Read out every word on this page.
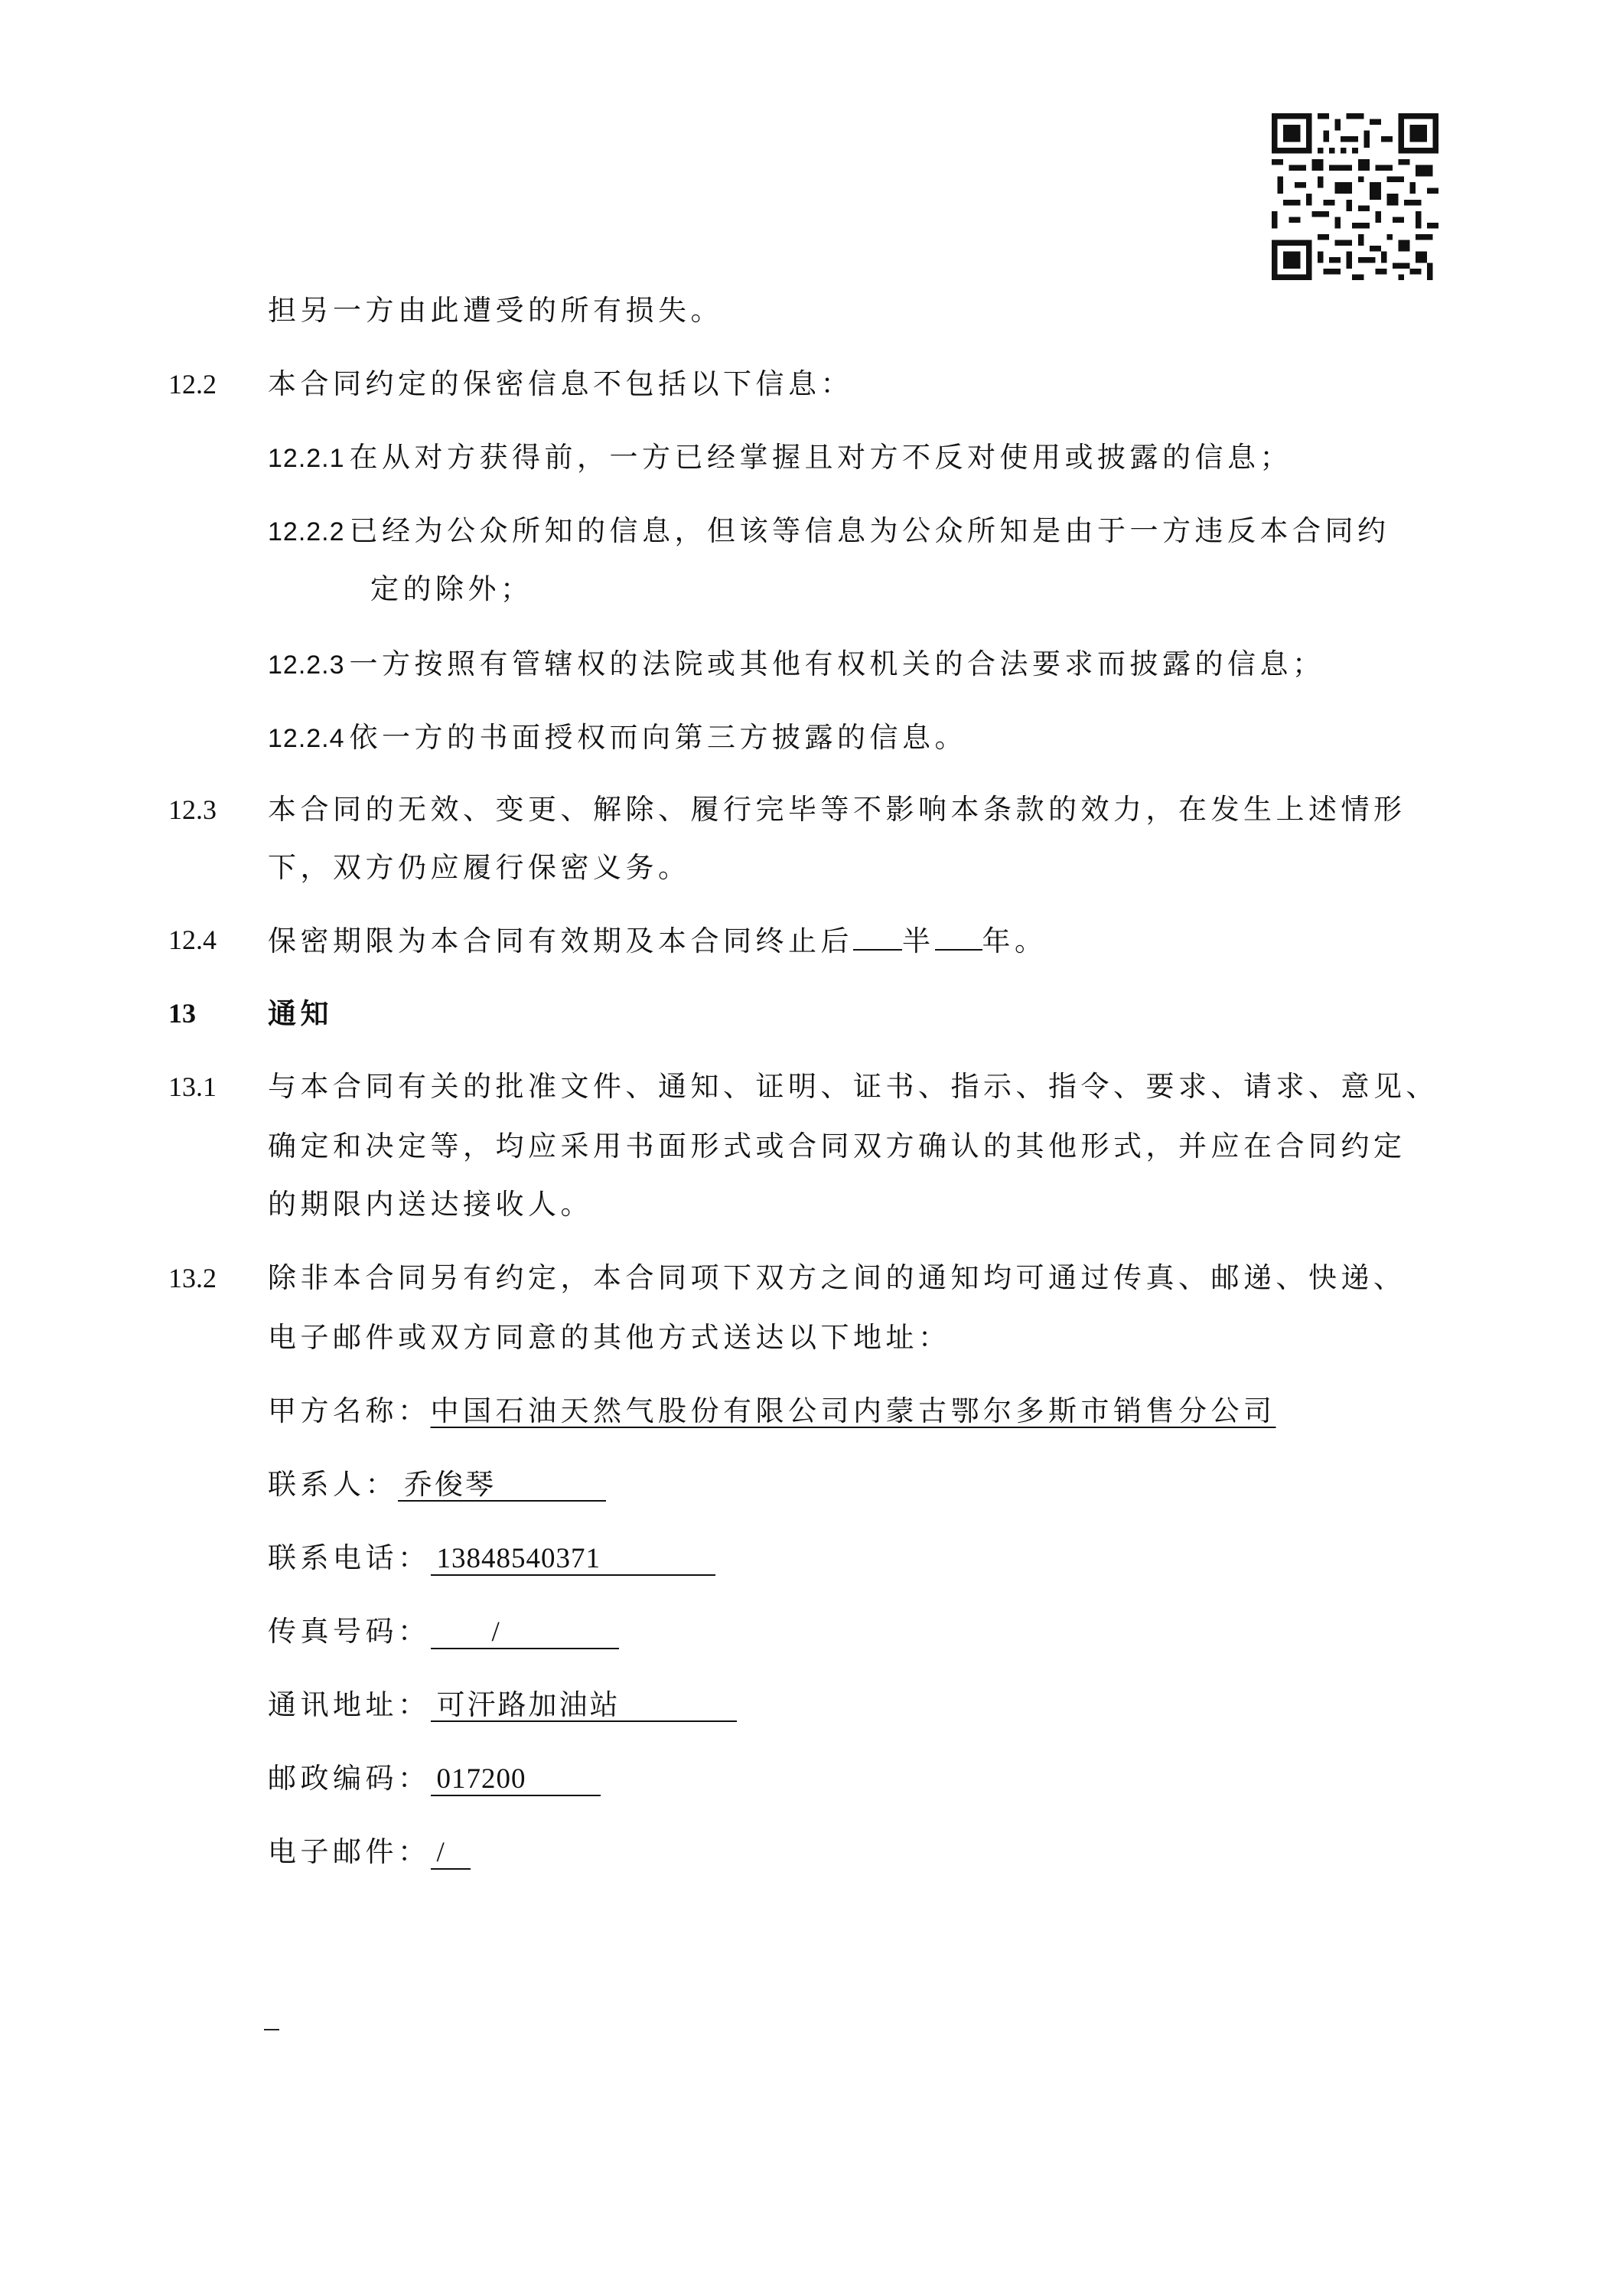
担另一方由此遭受的所有损失。
12.2 本合同约定的保密信息不包括以下信息：
12.2.1 在从对方获得前，一方已经掌握且对方不反对使用或披露的信息；
12.2.2 已经为公众所知的信息，但该等信息为公众所知是由于一方违反本合同约
定的除外；
12.2.3 一方按照有管辖权的法院或其他有权机关的合法要求而披露的信息；
12.2.4 依一方的书面授权而向第三方披露的信息。
12.3 本合同的无效、变更、解除、履行完毕等不影响本条款的效力，在发生上述情形
下，双方仍应履行保密义务。
12.4 保密期限为本合同有效期及本合同终止后 半 年。
13	通知
13.1 与本合同有关的批准文件、通知、证明、证书、指示、指令、要求、请求、意见、
确定和决定等，均应采用书面形式或合同双方确认的其他形式，并应在合同约定
的期限内送达接收人。
13.2 除非本合同另有约定，本合同项下双方之间的通知均可通过传真、邮递、快递、
电子邮件或双方同意的其他方式送达以下地址：
甲方名称：中国石油天然气股份有限公司内蒙古鄂尔多斯市销售分公司
联系人： 乔俊琴
联系电话： 13848540371
传真号码： /
通讯地址： 可汗路加油站
邮政编码： 017200
电子邮件： /
